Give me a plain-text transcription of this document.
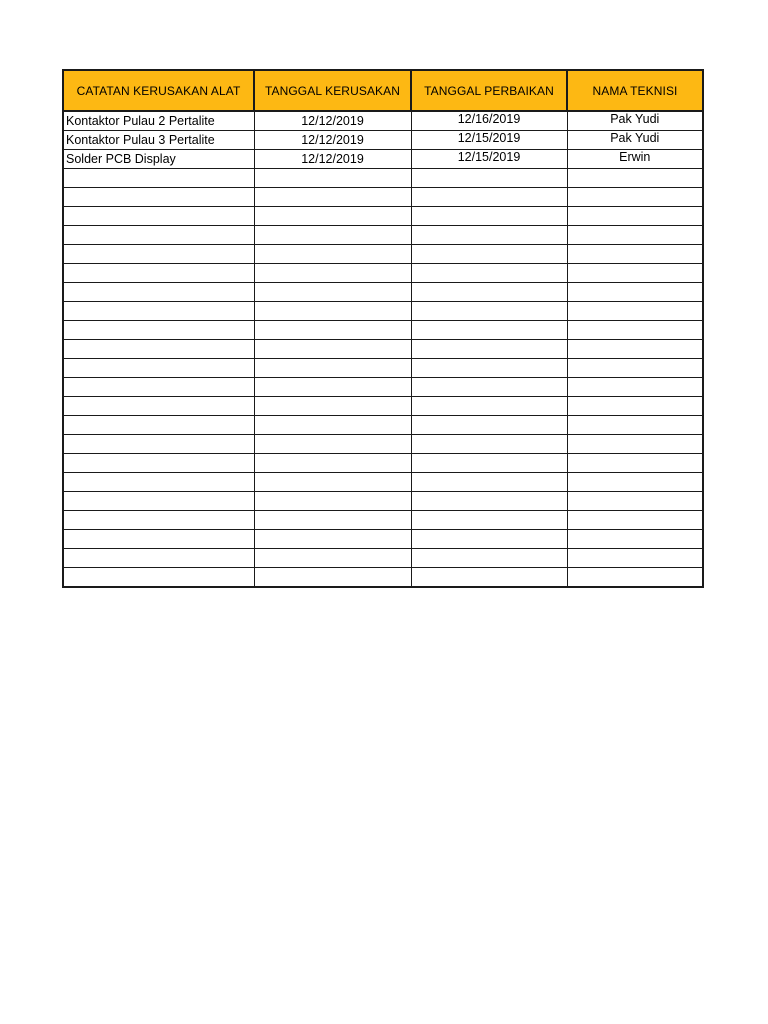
CATATAN KERUSAKAN ALAT	TANGGAL KERUSAKAN	TANGGAL PERBAIKAN	NAMA TEKNISI
Kontaktor Pulau 2 Pertalite	12/12/2019	12/16/2019	Pak Yudi
Kontaktor Pulau 3 Pertalite	12/12/2019	12/15/2019	Pak Yudi
Solder PCB Display	12/12/2019	12/15/2019	Erwin
